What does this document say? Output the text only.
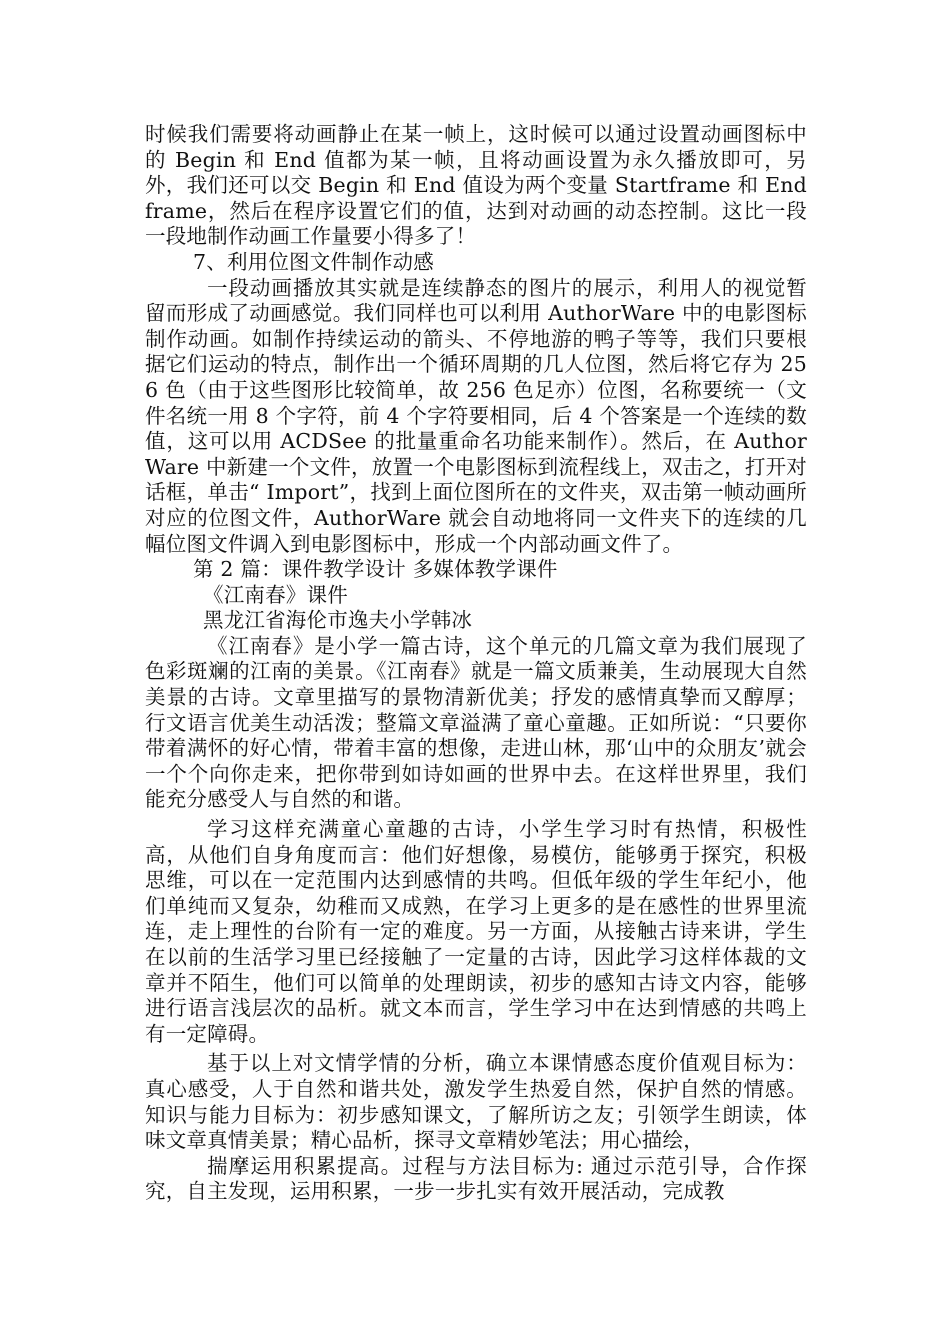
时候我们需要将动画静止在某一帧上，这时候可以通过设置动画图标中的 Begin 和 End 值都为某一帧，且将动画设置为永久播放即可，另外，我们还可以交 Begin 和 End 值设为两个变量 Startframe 和 Endframe，然后在程序设置它们的值，达到对动画的动态控制。这比一段一段地制作动画工作量要小得多了！

7、利用位图文件制作动感

一段动画播放其实就是连续静态的图片的展示，利用人的视觉暂留而形成了动画感觉。我们同样也可以利用 AuthorWare 中的电影图标制作动画。如制作持续运动的箭头、不停地游的鸭子等等，我们只要根据它们运动的特点，制作出一个循环周期的几人位图，然后将它存为 256 色（由于这些图形比较简单，故 256 色足亦）位图，名称要统一（文件名统一用 8 个字符，前 4 个字符要相同，后 4 个答案是一个连续的数值，这可以用 ACDSee 的批量重命名功能来制作）。然后，在 AuthorWare 中新建一个文件，放置一个电影图标到流程线上，双击之，打开对话框，单击“ Import”，找到上面位图所在的文件夹，双击第一帧动画所对应的位图文件，AuthorWare 就会自动地将同一文件夹下的连续的几幅位图文件调入到电影图标中，形成一个内部动画文件了。

第 2 篇：课件教学设计 多媒体教学课件

《江南春》课件

黑龙江省海伦市逸夫小学韩冰

《江南春》是小学一篇古诗，这个单元的几篇文章为我们展现了色彩斑斓的江南的美景。《江南春》就是一篇文质兼美，生动展现大自然美景的古诗。文章里描写的景物清新优美；抒发的感情真挚而又醇厚；行文语言优美生动活泼；整篇文章溢满了童心童趣。正如所说：“只要你带着满怀的好心情，带着丰富的想像，走进山林，那‘山中的众朋友’就会一个个向你走来，把你带到如诗如画的世界中去。在这样世界里，我们能充分感受人与自然的和谐。

学习这样充满童心童趣的古诗，小学生学习时有热情，积极性高，从他们自身角度而言：他们好想像，易模仿，能够勇于探究，积极思维，可以在一定范围内达到感情的共鸣。但低年级的学生年纪小，他们单纯而又复杂，幼稚而又成熟，在学习上更多的是在感性的世界里流连，走上理性的台阶有一定的难度。另一方面，从接触古诗来讲，学生在以前的生活学习里已经接触了一定量的古诗，因此学习这样体裁的文章并不陌生，他们可以简单的处理朗读，初步的感知古诗文内容，能够进行语言浅层次的品析。就文本而言，学生学习中在达到情感的共鸣上有一定障碍。

基于以上对文情学情的分析，确立本课情感态度价值观目标为：真心感受，人于自然和谐共处，激发学生热爱自然，保护自然的情感。知识与能力目标为：初步感知课文，了解所访之友；引领学生朗读，体味文章真情美景；精心品析，探寻文章精妙笔法；用心描绘，

揣摩运用积累提高。过程与方法目标为: 通过示范引导，合作探究，自主发现，运用积累，一步一步扎实有效开展活动，完成教
